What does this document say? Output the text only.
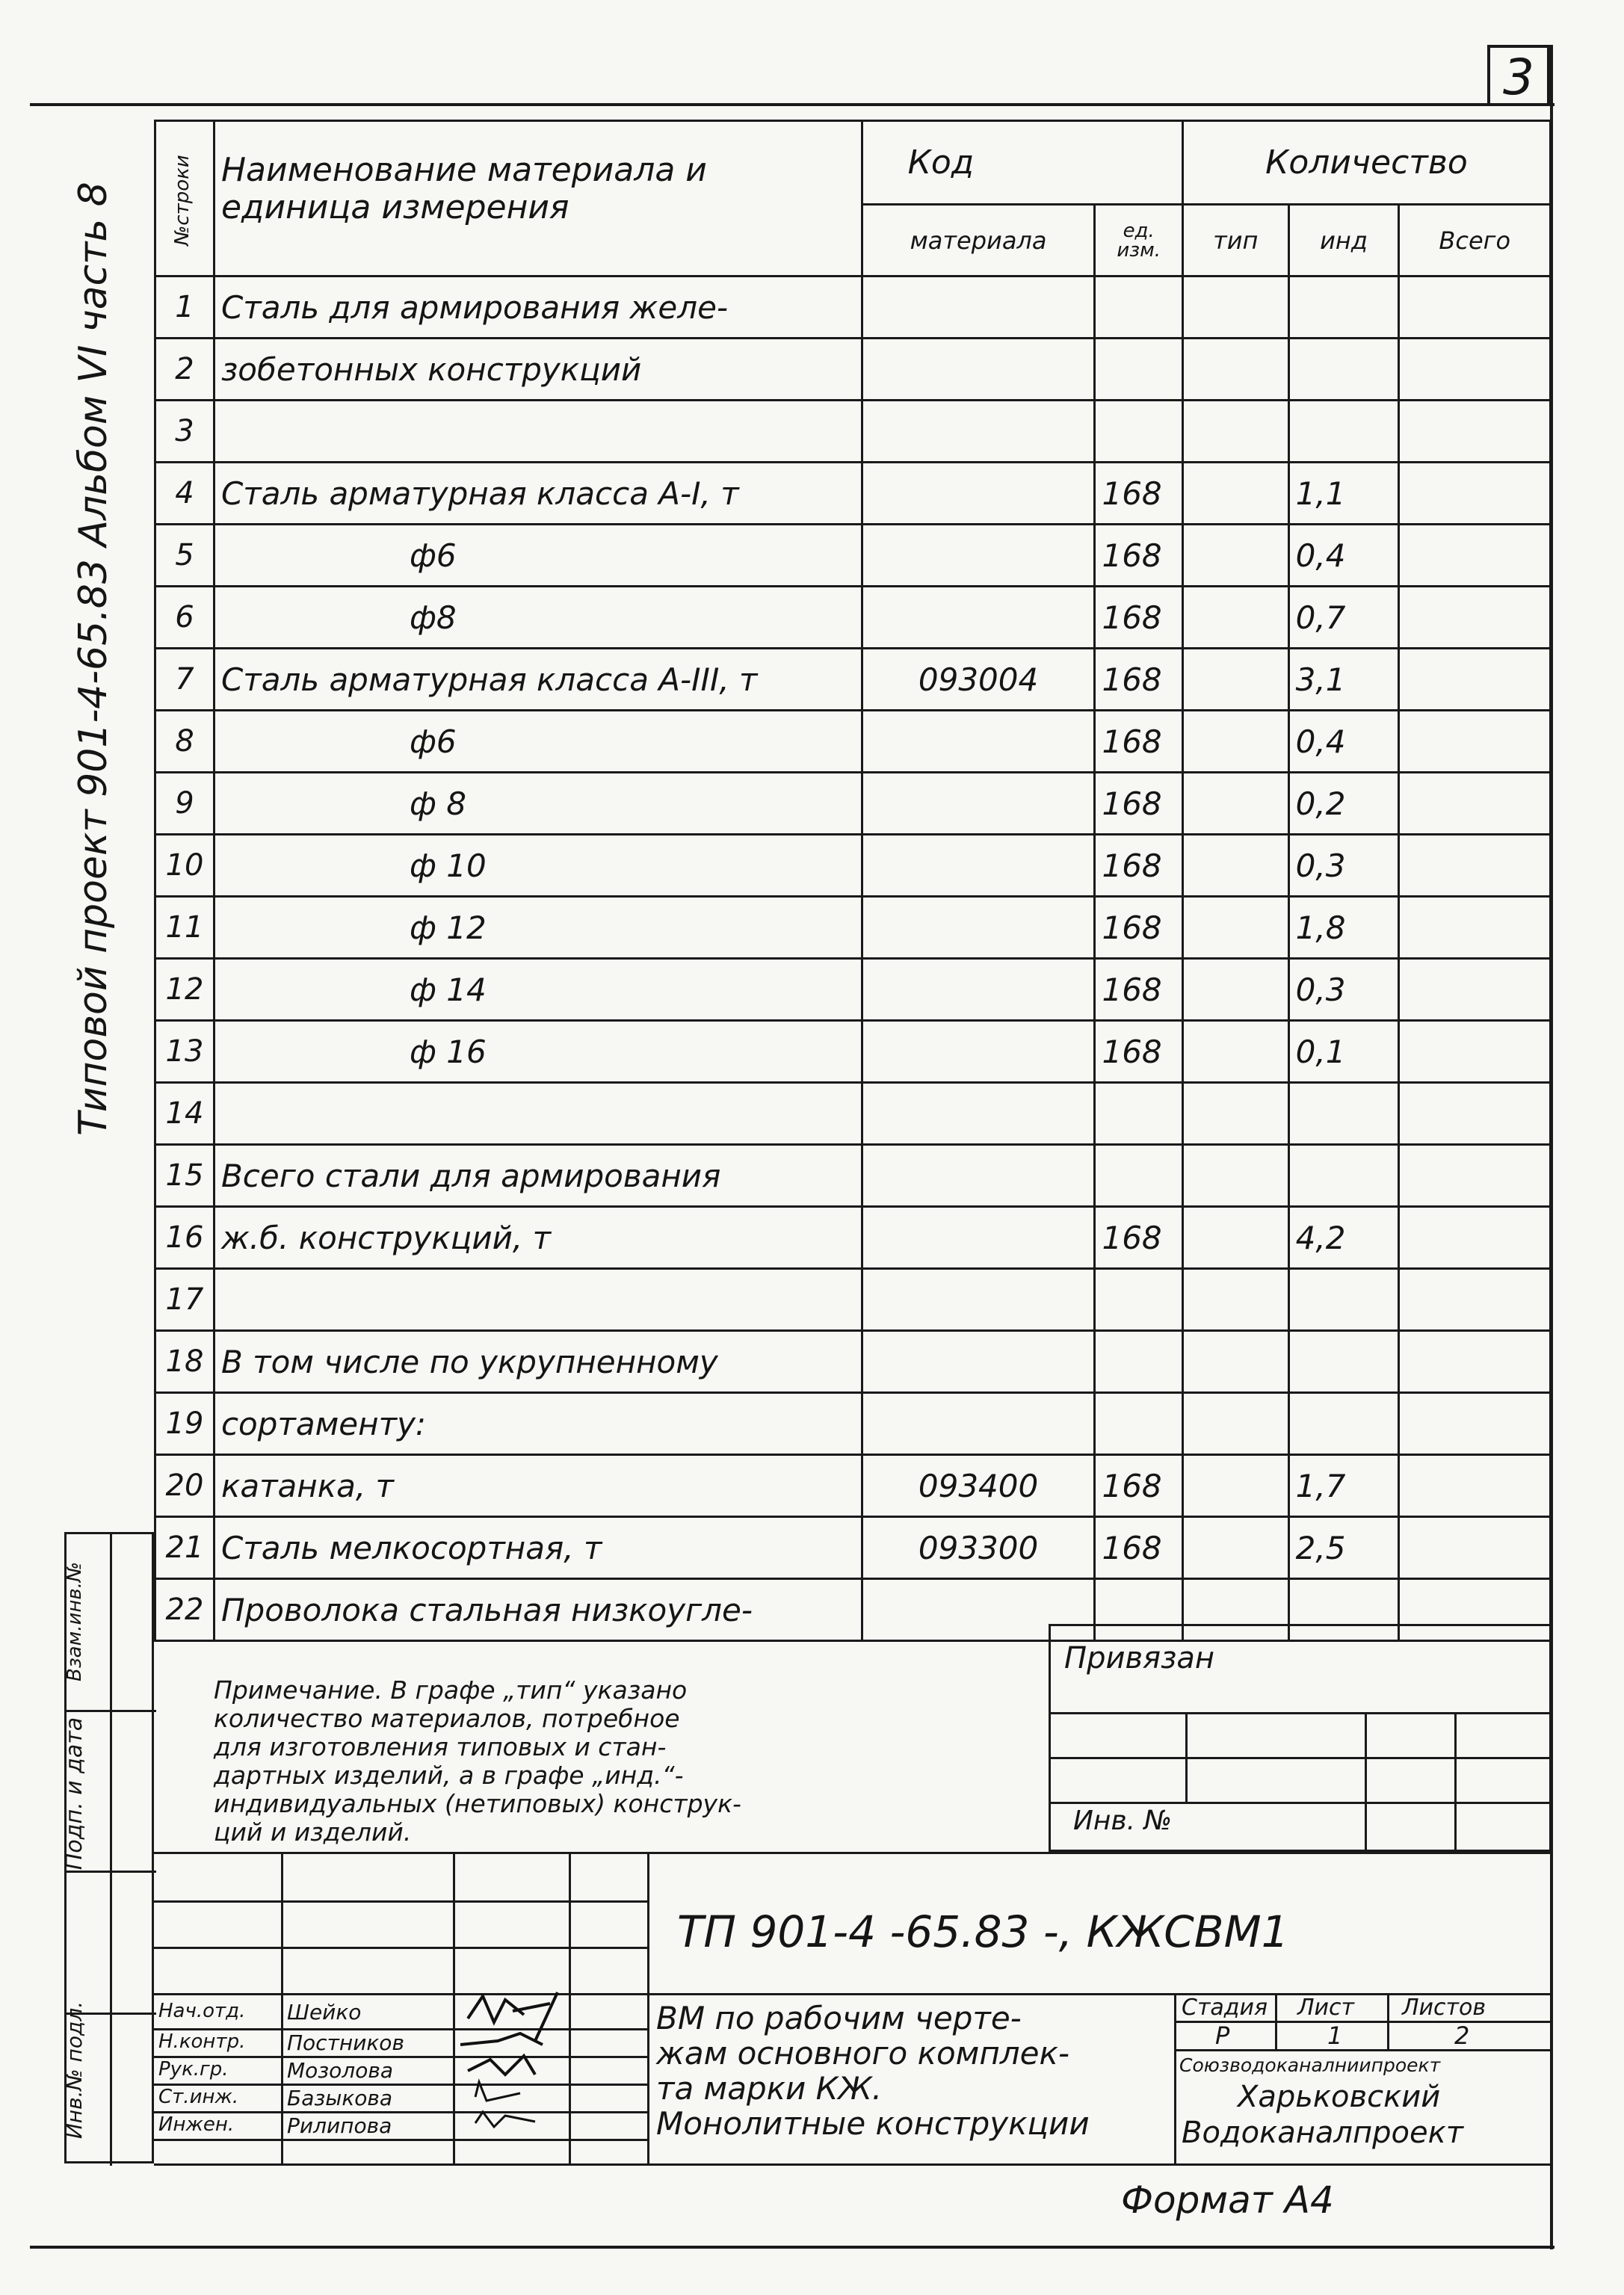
3
Типовой проект 901-4-65.83 Альбом VI часть 8
Взам.инв.№
Подп. и дата
Инв.№ подл.
№строки	Наименование материала и единица измерения	Код		Количество		
		материала	ед. изм.	тип	инд	Всего
1	Сталь для армирования желе-					
2	зобетонных конструкций					
3						
4	Сталь арматурная класса A-I, т		168		1,1	
5	ф6		168		0,4	
6	ф8		168		0,7	
7	Сталь арматурная класса A-III, т	093004	168		3,1	
8	ф6		168		0,4	
9	ф 8		168		0,2	
10	ф 10		168		0,3	
11	ф 12		168		1,8	
12	ф 14		168		0,3	
13	ф 16		168		0,1	
14						
15	Всего стали для армирования					
16	ж.б. конструкций, т		168		4,2	
17						
18	В том числе по укрупненному					
19	сортаменту:					
20	катанка, т	093400	168		1,7	
21	Сталь мелкосортная, т	093300	168		2,5	
22	Проволока стальная низкоугле-					
Примечание. В графе „тип“ указано
количество материалов, потребное
для изготовления типовых и стан-
дартных изделий, а в графе „инд.“-
индивидуальных (нетиповых) конструк-
ций и изделий.
Привязан
Инв. №
Нач.отд. Шейко
Н.контр. Постников
Рук.гр.	Мозолова
Ст.инж. Базыкова
Инжен.	Рилипова
ТП 901-4 -65.83 -, КЖСВМ1
ВМ по рабочим черте-
жам основного комплек-
та марки КЖ.
Монолитные конструкции
Стадия Лист Листов
Р	1	2
Союзводоканалниипроект
Харьковский
Водоканалпроект
Формат А4
